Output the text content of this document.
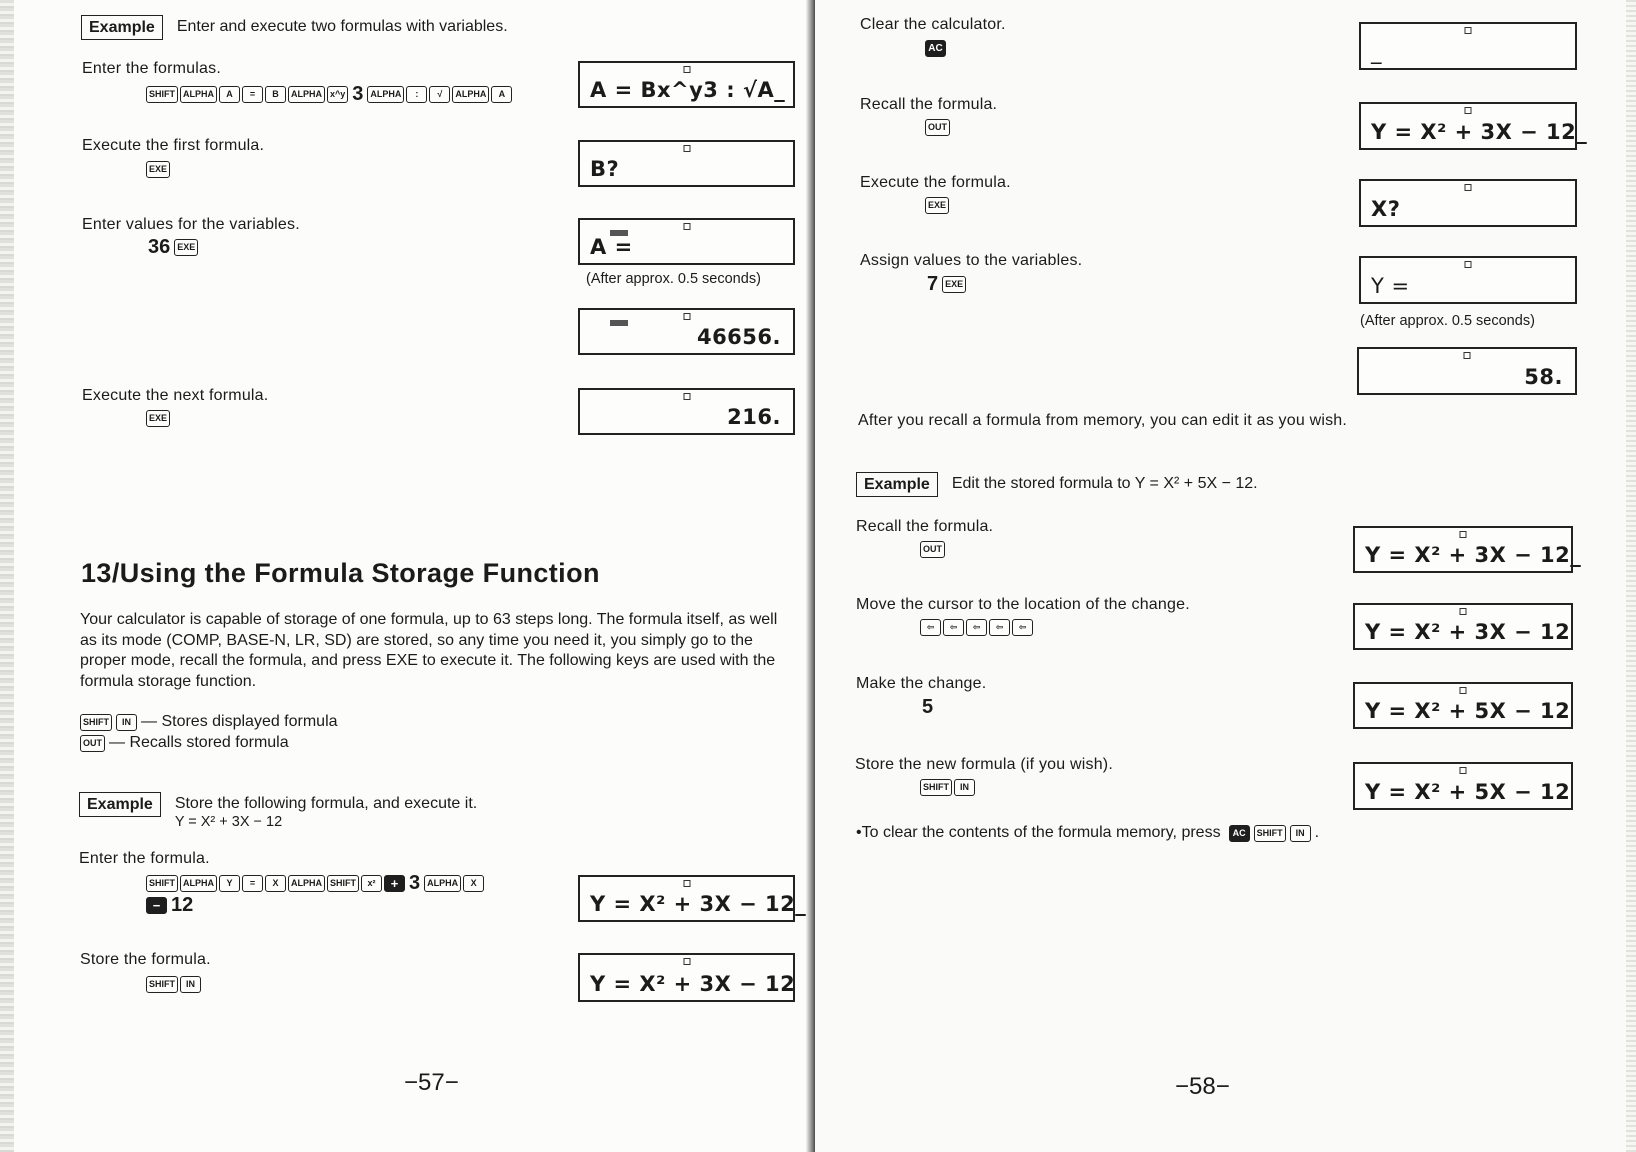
Example	Enter and execute two formulas with variables.
Enter the formulas.
SHIFT ALPHA	A	=	B	ALPHA x^y 3 ALPHA	:	√	ALPHA	A	A = Bx^y3 : √A_
Execute the first formula.
EXE	B?
Enter values for the variables.
36 EXE	A =
(After approx. 0.5 seconds)
46656.
Execute the next formula.
EXE	216.
13/Using the Formula Storage Function
Your calculator is capable of storage of one formula, up to 63 steps long. The formula itself, as well as its mode (COMP, BASE-N, LR, SD) are stored, so any time you need it, you simply go to the proper mode, recall the formula, and press EXE to execute it. The following keys are used with the formula storage function.
SHIFT	IN — Stores displayed formula
OUT — Recalls stored formula
Example	Store the following formula, and execute it.
Y = X² + 3X − 12
Enter the formula.
SHIFT ALPHA	Y	=	X	ALPHA SHIFT	x²	+ 3 ALPHA	X
− 12	Y = X² + 3X − 12_
Store the formula.
SHIFT	IN	Y = X² + 3X − 12
−57−
Clear the calculator.
AC	_
Recall the formula.
OUT	Y = X² + 3X − 12_
Execute the formula.
EXE	X?
Assign values to the variables.
7 EXE	Y =
(After approx. 0.5 seconds)
58.
After you recall a formula from memory, you can edit it as you wish.
Example	Edit the stored formula to Y = X² + 5X − 12.
Recall the formula.
OUT	Y = X² + 3X − 12_
Move the cursor to the location of the change.
⇦	⇦	⇦	⇦	⇦	Y = X² + 3X − 12
Make the change.
5	Y = X² + 5X − 12
Store the new formula (if you wish).
SHIFT	IN	Y = X² + 5X − 12
•To clear the contents of the formula memory, press	AC	SHIFT	IN .
−58−
